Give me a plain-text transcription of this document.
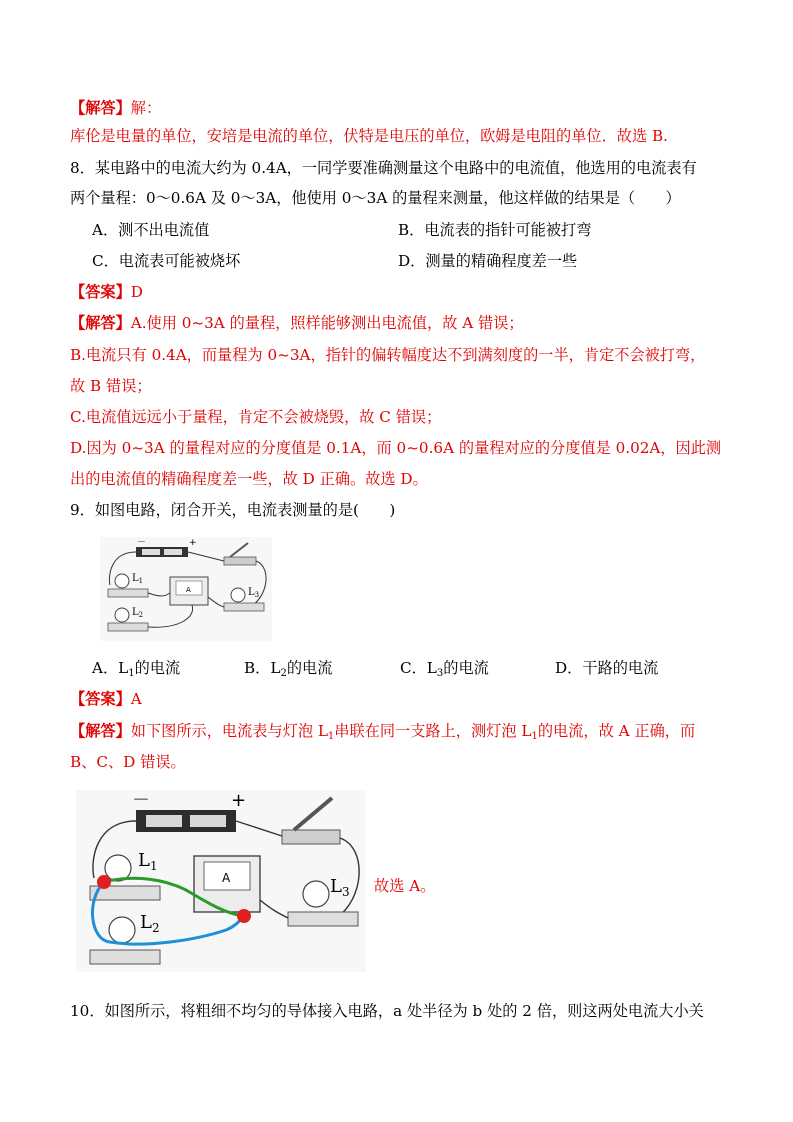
【解答】解：
库伦是电量的单位，安培是电流的单位，伏特是电压的单位，欧姆是电阻的单位．故选 B.
8．某电路中的电流大约为 0.4A，一同学要准确测量这个电路中的电流值，他选用的电流表有
两个量程：0～0.6A 及 0～3A，他使用 0～3A 的量程来测量，他这样做的结果是（　　）
A．测不出电流值	B．电流表的指针可能被打弯
C．电流表可能被烧坏	D．测量的精确程度差一些
【答案】D
【解答】A.使用 0~3A 的量程，照样能够测出电流值，故 A 错误；
B.电流只有 0.4A，而量程为 0~3A，指针的偏转幅度达不到满刻度的一半，肯定不会被打弯，
故 B 错误；
C.电流值远远小于量程，肯定不会被烧毁，故 C 错误；
D.因为 0~3A 的量程对应的分度值是 0.1A，而 0~0.6A 的量程对应的分度值是 0.02A，因此测
出的电流值的精确程度差一些，故 D 正确。故选 D。
9．如图电路，闭合开关，电流表测量的是(　　)
－	+
$L_1$
A	$L_3$
$L_2$
A．$L_1$的电流	B．$L_2$的电流	C．$L_3$的电流	D．干路的电流
【答案】A
【解答】如下图所示，电流表与灯泡 $L_1$串联在同一支路上，测灯泡 $L_1$的电流，故 A 正确，而
B、C、D 错误。
－	+
$L_1$
A	$L_3$
$L_2$
故选 A。
10．如图所示，将粗细不均匀的导体接入电路，a 处半径为 b 处的 2 倍，则这两处电流大小关
